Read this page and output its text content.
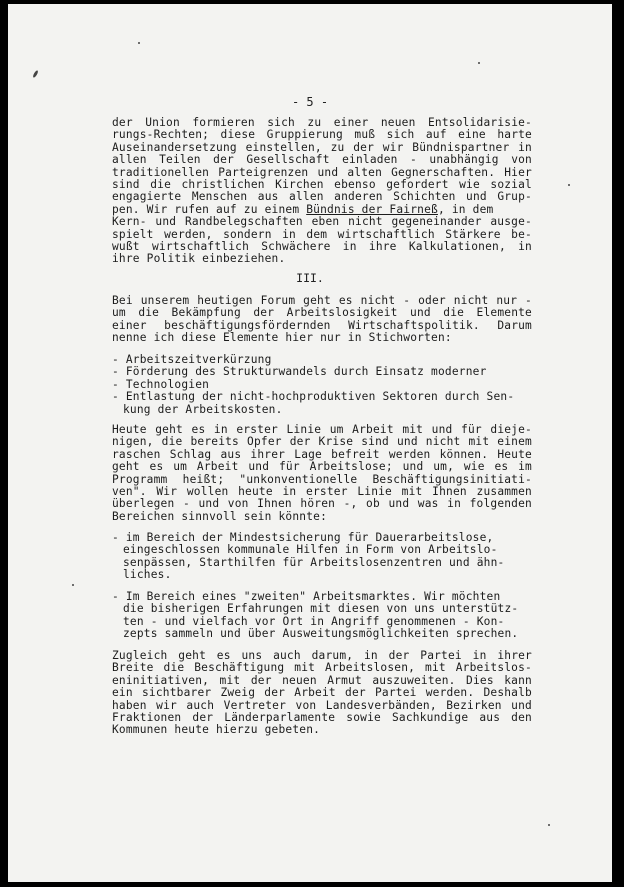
- 5 -
der Union formieren sich zu einer neuen Entsolidarisie-
rungs-Rechten; diese Gruppierung muß sich auf eine harte
Auseinandersetzung einstellen, zu der wir Bündnispartner in
allen Teilen der Gesellschaft einladen - unabhängig von
traditionellen Parteigrenzen und alten Gegnerschaften. Hier
sind die christlichen Kirchen ebenso gefordert wie sozial
engagierte Menschen aus allen anderen Schichten und Grup-
pen. Wir rufen auf zu einem Bündnis der Fairneß, in dem
Kern- und Randbelegschaften eben nicht gegeneinander ausge-
spielt werden, sondern in dem wirtschaftlich Stärkere be-
wußt wirtschaftlich Schwächere in ihre Kalkulationen, in
ihre Politik einbeziehen.
III.
Bei unserem heutigen Forum geht es nicht - oder nicht nur -
um die Bekämpfung der Arbeitslosigkeit und die Elemente
einer beschäftigungsfördernden Wirtschaftspolitik. Darum
nenne ich diese Elemente hier nur in Stichworten:
- Arbeitszeitverkürzung
- Förderung des Strukturwandels durch Einsatz moderner
- Technologien
- Entlastung der nicht-hochproduktiven Sektoren durch Sen-
kung der Arbeitskosten.
Heute geht es in erster Linie um Arbeit mit und für dieje-
nigen, die bereits Opfer der Krise sind und nicht mit einem
raschen Schlag aus ihrer Lage befreit werden können. Heute
geht es um Arbeit und für Arbeitslose; und um, wie es im
Programm heißt; "unkonventionelle Beschäftigungsinitiati-
ven". Wir wollen heute in erster Linie mit Ihnen zusammen
überlegen - und von Ihnen hören -, ob und was in folgenden
Bereichen sinnvoll sein könnte:
- im Bereich der Mindestsicherung für Dauerarbeitslose,
eingeschlossen kommunale Hilfen in Form von Arbeitslo-
senpässen, Starthilfen für Arbeitslosenzentren und ähn-
liches.
- Im Bereich eines "zweiten" Arbeitsmarktes. Wir möchten
die bisherigen Erfahrungen mit diesen von uns unterstütz-
ten - und vielfach vor Ort in Angriff genommenen - Kon-
zepts sammeln und über Ausweitungsmöglichkeiten sprechen.
Zugleich geht es uns auch darum, in der Partei in ihrer
Breite die Beschäftigung mit Arbeitslosen, mit Arbeitslos-
eninitiativen, mit der neuen Armut auszuweiten. Dies kann
ein sichtbarer Zweig der Arbeit der Partei werden. Deshalb
haben wir auch Vertreter von Landesverbänden, Bezirken und
Fraktionen der Länderparlamente sowie Sachkundige aus den
Kommunen heute hierzu gebeten.
